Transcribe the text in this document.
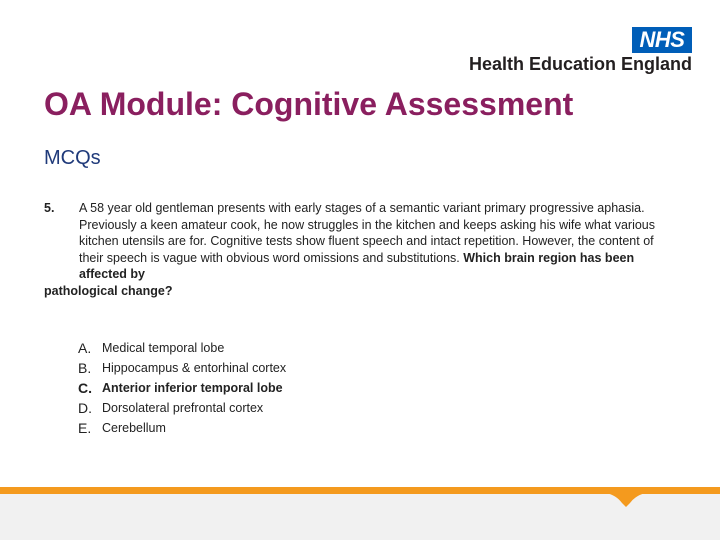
NHS
Health Education England
OA Module: Cognitive Assessment
MCQs
5.	A 58 year old gentleman presents with early stages of a semantic variant primary progressive aphasia. Previously a keen amateur cook, he now struggles in the kitchen and keeps asking his wife what various kitchen utensils are for. Cognitive tests show fluent speech and intact repetition. However, the content of their speech is vague with obvious word omissions and substitutions. Which brain region has been affected by
pathological change?
A. Medical temporal lobe
B. Hippocampus & entorhinal cortex
C. Anterior inferior temporal lobe
D. Dorsolateral prefrontal cortex
E. Cerebellum
